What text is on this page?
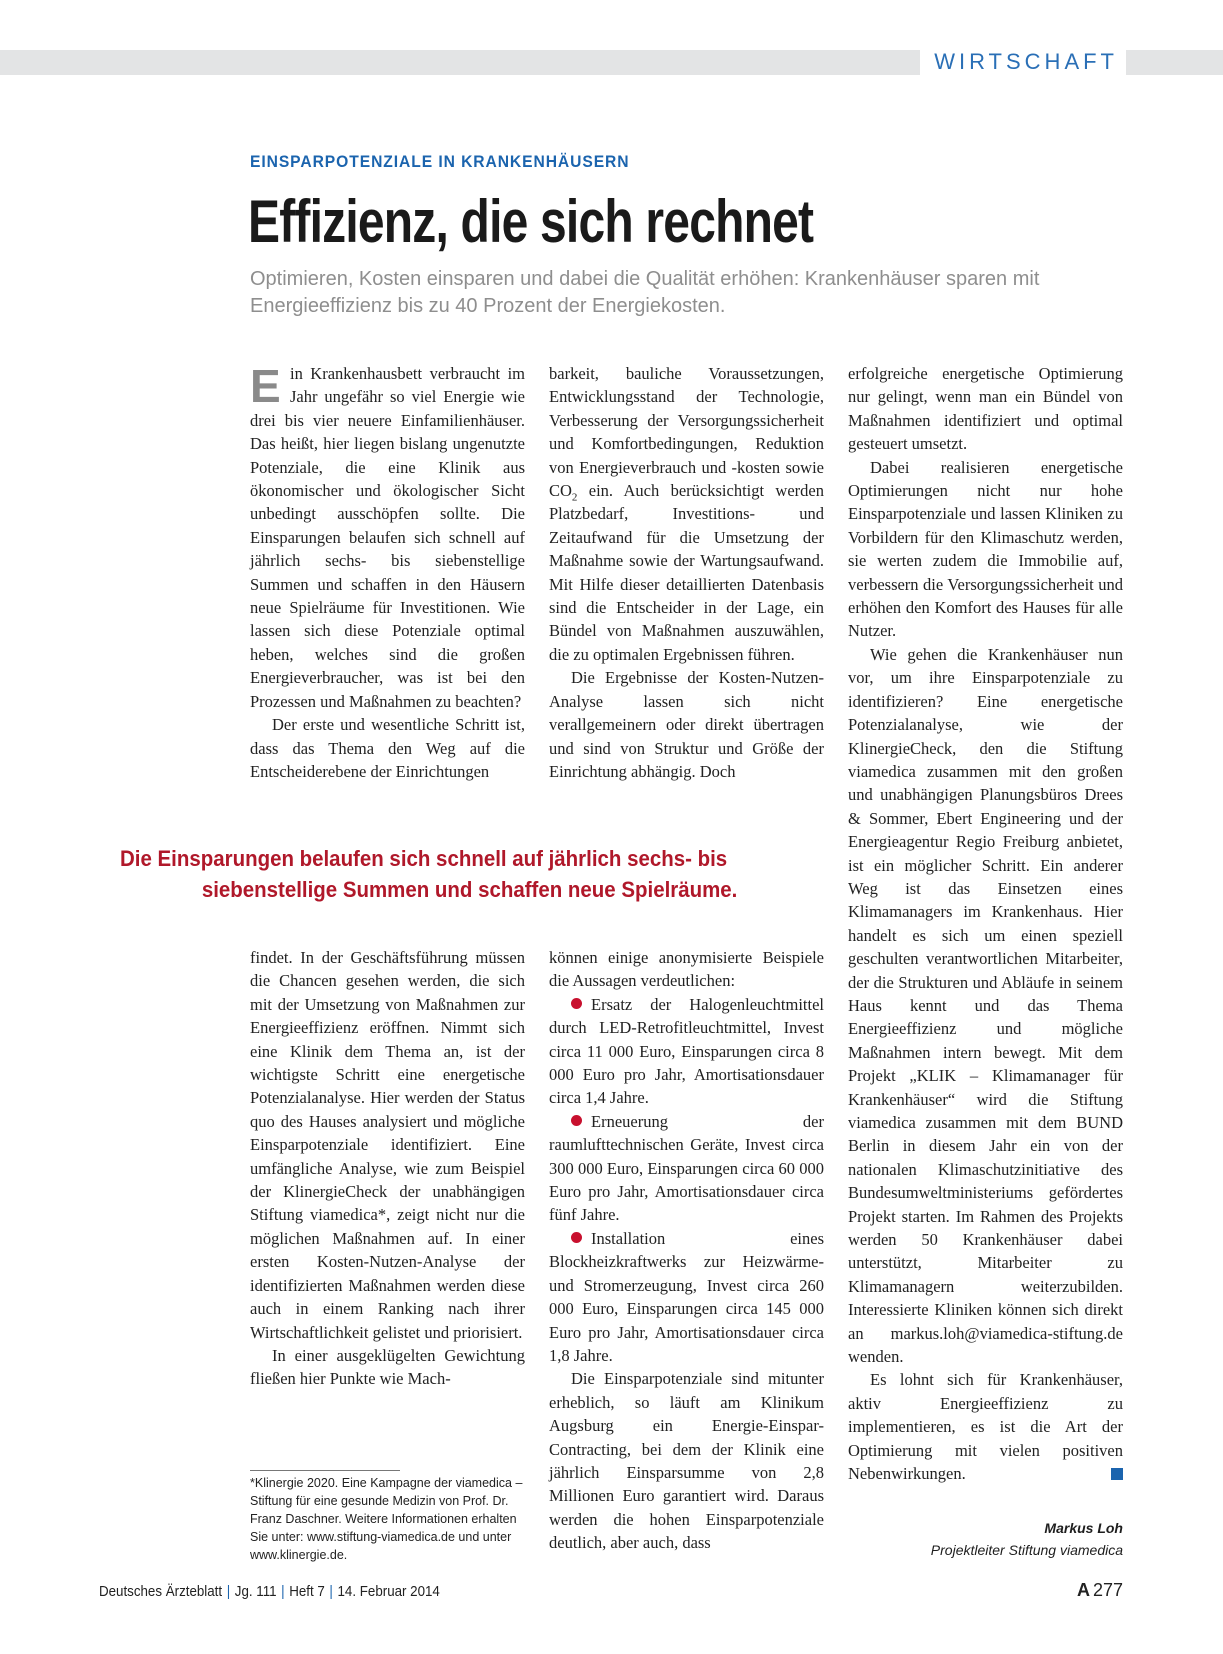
WIRTSCHAFT
EINSPARPOTENZIALE IN KRANKENHÄUSERN
Effizienz, die sich rechnet

Optimieren, Kosten einsparen und dabei die Qualität erhöhen: Krankenhäuser sparen mit Energieeffizienz bis zu 40 Prozent der Energiekosten.

Ein Krankenhausbett verbraucht im Jahr ungefähr so viel Energie wie drei bis vier neuere Einfamilienhäuser. Das heißt, hier liegen bislang ungenutzte Potenziale, die eine Klinik aus ökonomischer und ökologischer Sicht unbedingt ausschöpfen sollte. Die Einsparungen belaufen sich schnell auf jährlich sechs- bis siebenstellige Summen und schaffen in den Häusern neue Spielräume für Investitionen. Wie lassen sich diese Potenziale optimal heben, welches sind die großen Energieverbraucher, was ist bei den Prozessen und Maßnahmen zu beachten?

Der erste und wesentliche Schritt ist, dass das Thema den Weg auf die Entscheiderebene der Einrichtungen

barkeit, bauliche Voraussetzungen, Entwicklungsstand der Technologie, Verbesserung der Versorgungssicherheit und Komfortbedingungen, Reduktion von Energieverbrauch und -kosten sowie $CO_2$ ein. Auch berücksichtigt werden Platzbedarf, Investitions- und Zeitaufwand für die Umsetzung der Maßnahme sowie der Wartungsaufwand. Mit Hilfe dieser detaillierten Datenbasis sind die Entscheider in der Lage, ein Bündel von Maßnahmen auszuwählen, die zu optimalen Ergebnissen führen.

Die Ergebnisse der Kosten-Nutzen-Analyse lassen sich nicht verallgemeinern oder direkt übertragen und sind von Struktur und Größe der Einrichtung abhängig. Doch

erfolgreiche energetische Optimierung nur gelingt, wenn man ein Bündel von Maßnahmen identifiziert und optimal gesteuert umsetzt.

Dabei realisieren energetische Optimierungen nicht nur hohe Einsparpotenziale und lassen Kliniken zu Vorbildern für den Klimaschutz werden, sie werten zudem die Immobilie auf, verbessern die Versorgungssicherheit und erhöhen den Komfort des Hauses für alle Nutzer.

Wie gehen die Krankenhäuser nun vor, um ihre Einsparpotenziale zu identifizieren? Eine energetische Potenzialanalyse, wie der KlinergieCheck, den die Stiftung viamedica zusammen mit den großen und unabhängigen Planungsbüros Drees & Sommer, Ebert Engineering und der Energieagentur Regio Freiburg anbietet, ist ein möglicher Schritt. Ein anderer Weg ist das Einsetzen eines Klimamanagers im Krankenhaus. Hier handelt es sich um einen speziell geschulten verantwortlichen Mitarbeiter, der die Strukturen und Abläufe in seinem Haus kennt und das Thema Energieeffizienz und mögliche Maßnahmen intern bewegt. Mit dem Projekt „KLIK – Klimamanager für Krankenhäuser“ wird die Stiftung viamedica zusammen mit dem BUND Berlin in diesem Jahr ein von der nationalen Klimaschutzinitiative des Bundesumweltministeriums gefördertes Projekt starten. Im Rahmen des Projekts werden 50 Krankenhäuser dabei unterstützt, Mitarbeiter zu Klimamanagern weiterzubilden. Interessierte Kliniken können sich direkt an markus.loh@viamedica-stiftung.de wenden.

Es lohnt sich für Krankenhäuser, aktiv Energieeffizienz zu implementieren, es ist die Art der Optimierung mit vielen positiven Nebenwirkungen.

Die Einsparungen belaufen sich schnell auf jährlich sechs- bis
siebenstellige Summen und schaffen neue Spielräume.

findet. In der Geschäftsführung müssen die Chancen gesehen werden, die sich mit der Umsetzung von Maßnahmen zur Energieeffizienz eröffnen. Nimmt sich eine Klinik dem Thema an, ist der wichtigste Schritt eine energetische Potenzialanalyse. Hier werden der Status quo des Hauses analysiert und mögliche Einsparpotenziale identifiziert. Eine umfängliche Analyse, wie zum Beispiel der KlinergieCheck der unabhängigen Stiftung viamedica*, zeigt nicht nur die möglichen Maßnahmen auf. In einer ersten Kosten-Nutzen-Analyse der identifizierten Maßnahmen werden diese auch in einem Ranking nach ihrer Wirtschaftlichkeit gelistet und priorisiert.

In einer ausgeklügelten Gewichtung fließen hier Punkte wie Mach-

können einige anonymisierte Beispiele die Aussagen verdeutlichen:

Ersatz der Halogenleuchtmittel durch LED-Retrofitleuchtmittel, Invest circa 11 000 Euro, Einsparungen circa 8 000 Euro pro Jahr, Amortisationsdauer circa 1,4 Jahre.

Erneuerung der raumlufttechnischen Geräte, Invest circa 300 000 Euro, Einsparungen circa 60 000 Euro pro Jahr, Amortisationsdauer circa fünf Jahre.

Installation eines Blockheizkraftwerks zur Heizwärme- und Stromerzeugung, Invest circa 260 000 Euro, Einsparungen circa 145 000 Euro pro Jahr, Amortisationsdauer circa 1,8 Jahre.

Die Einsparpotenziale sind mitunter erheblich, so läuft am Klinikum Augsburg ein Energie-Einspar-Contracting, bei dem der Klinik eine jährlich Einsparsumme von 2,8 Millionen Euro garantiert wird. Daraus werden die hohen Einsparpotenziale deutlich, aber auch, dass

*Klinergie 2020. Eine Kampagne der viamedica – Stiftung für eine gesunde Medizin von Prof. Dr. Franz Daschner. Weitere Informationen erhalten Sie unter: www.stiftung-viamedica.de und unter www.klinergie.de.

Markus Loh
Projektleiter Stiftung viamedica
Deutsches Ärzteblatt | Jg. 111 | Heft 7 | 14. Februar 2014	A 277
